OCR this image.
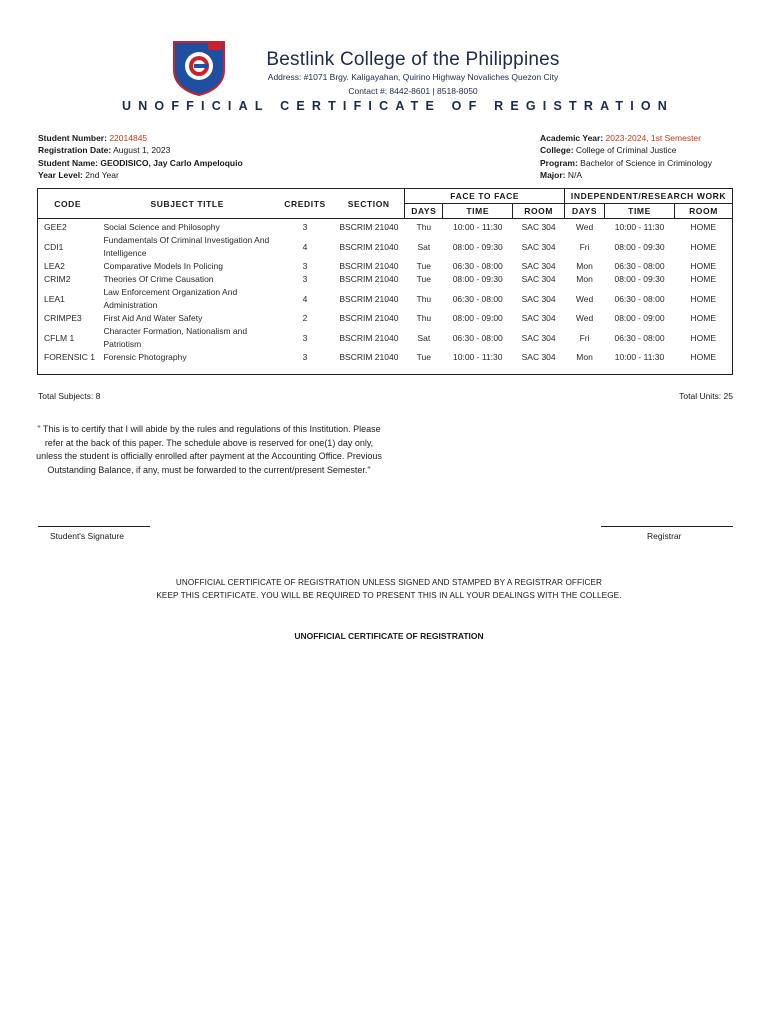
Bestlink College of the Philippines
Address: #1071 Brgy. Kaligayahan, Quirino Highway Novaliches Quezon City
Contact #: 8442-8601 | 8518-8050
UNOFFICIAL CERTIFICATE OF REGISTRATION
Student Number: 22014845
Registration Date: August 1, 2023
Student Name: GEODISICO, Jay Carlo Ampeloquio
Year Level: 2nd Year
Academic Year: 2023-2024, 1st Semester
College: College of Criminal Justice
Program: Bachelor of Science in Criminology
Major: N/A
CODE	SUBJECT TITLE	CREDITS	SECTION	FACE TO FACE			INDEPENDENT/RESEARCH WORK		
				DAYS	TIME	ROOM	DAYS	TIME	ROOM
GEE2	Social Science and Philosophy	3	BSCRIM 21040	Thu	10:00 - 11:30	SAC 304	Wed	10:00 - 11:30	HOME
CDI1	Fundamentals Of Criminal Investigation And Intelligence	4	BSCRIM 21040	Sat	08:00 - 09:30	SAC 304	Fri	08:00 - 09:30	HOME
LEA2	Comparative Models In Policing	3	BSCRIM 21040	Tue	06:30 - 08:00	SAC 304	Mon	06:30 - 08:00	HOME
CRIM2	Theories Of Crime Causation	3	BSCRIM 21040	Tue	08:00 - 09:30	SAC 304	Mon	08:00 - 09:30	HOME
LEA1	Law Enforcement Organization And Administration	4	BSCRIM 21040	Thu	06:30 - 08:00	SAC 304	Wed	06:30 - 08:00	HOME
CRIMPE3	First Aid And Water Safety	2	BSCRIM 21040	Thu	08:00 - 09:00	SAC 304	Wed	08:00 - 09:00	HOME
CFLM 1	Character Formation, Nationalism and Patriotism	3	BSCRIM 21040	Sat	06:30 - 08:00	SAC 304	Fri	06:30 - 08:00	HOME
FORENSIC 1	Forensic Photography	3	BSCRIM 21040	Tue	10:00 - 11:30	SAC 304	Mon	10:00 - 11:30	HOME
Total Subjects: 8	Total Units: 25
" This is to certify that I will abide by the rules and regulations of this Institution. Please refer at the back of this paper. The schedule above is reserved for one(1) day only, unless the student is officially enrolled after payment at the Accounting Office. Previous Outstanding Balance, if any, must be forwarded to the current/present Semester."
Student's Signature	Registrar
UNOFFICIAL CERTIFICATE OF REGISTRATION UNLESS SIGNED AND STAMPED BY A REGISTRAR OFFICER
KEEP THIS CERTIFICATE. YOU WILL BE REQUIRED TO PRESENT THIS IN ALL YOUR DEALINGS WITH THE COLLEGE.
UNOFFICIAL CERTIFICATE OF REGISTRATION
